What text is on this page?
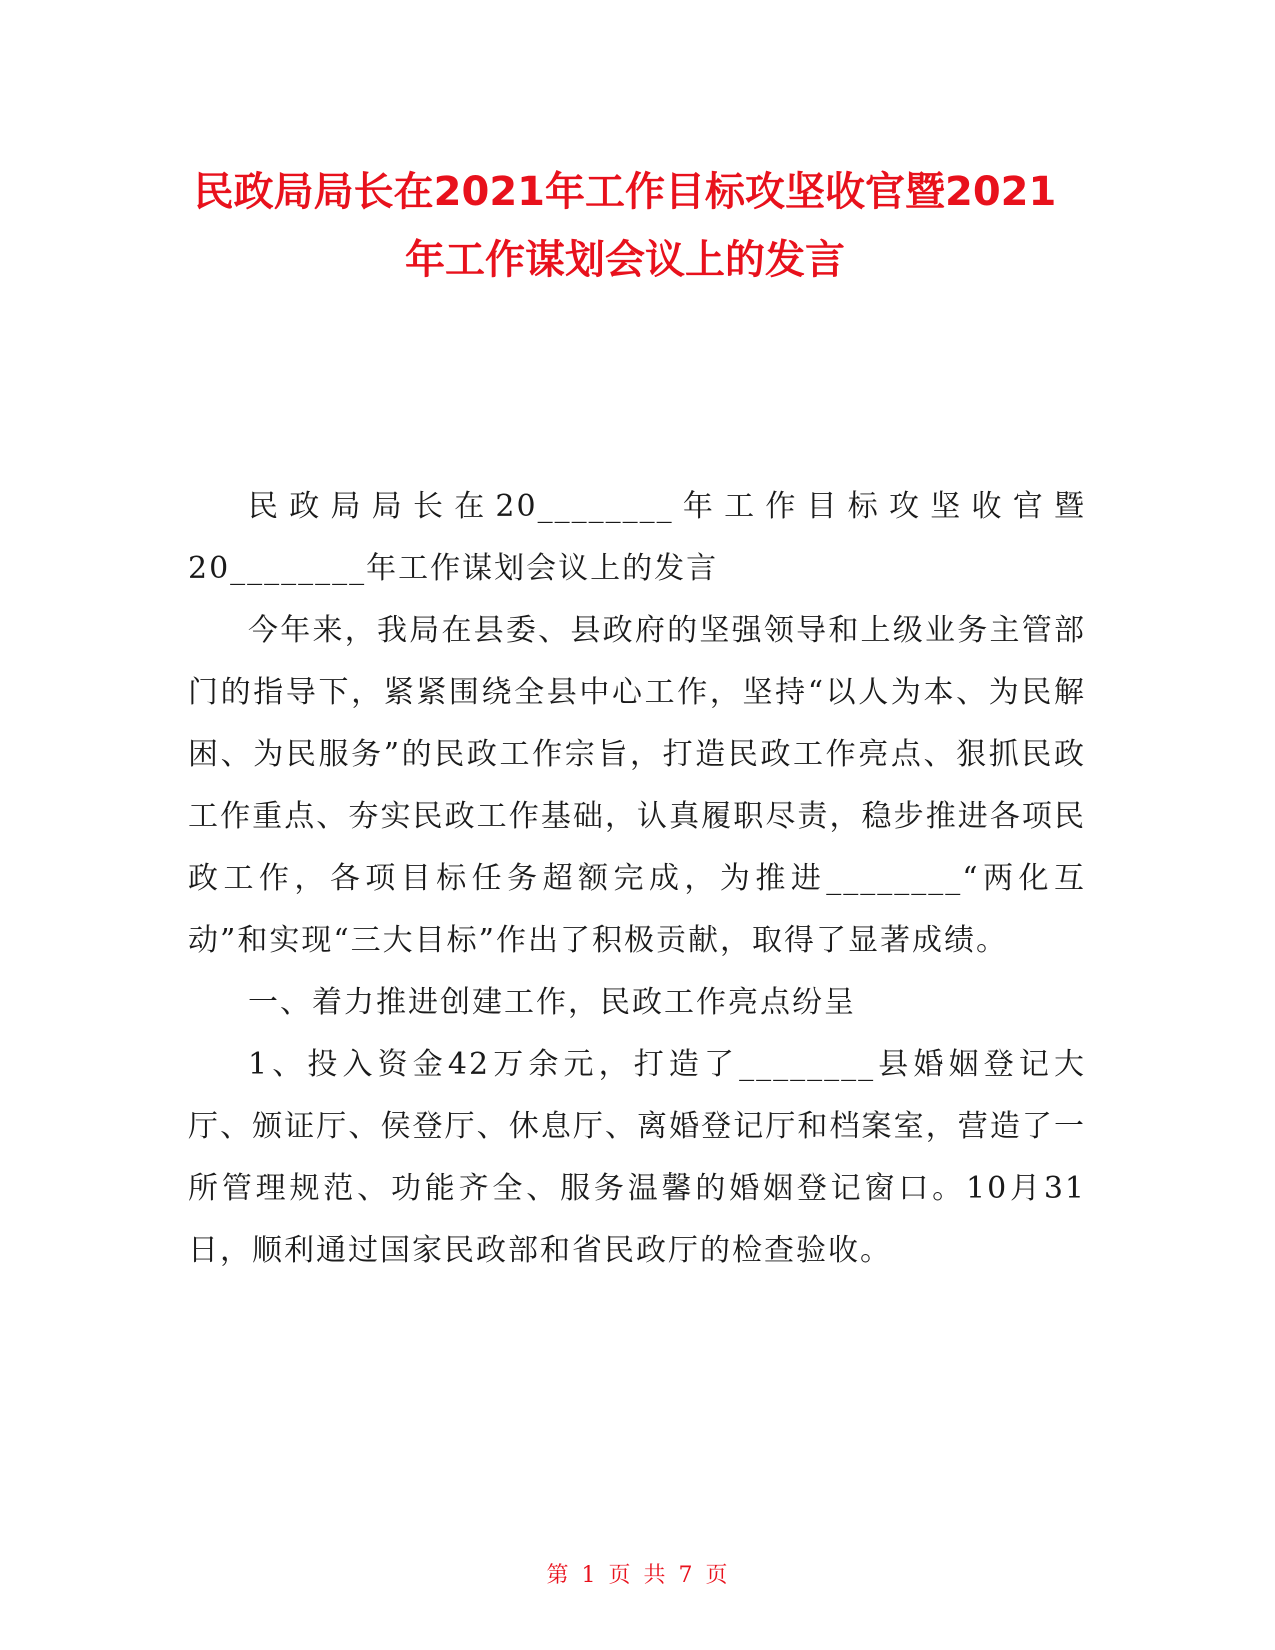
民政局局长在2021年工作目标攻坚收官暨2021年工作谋划会议上的发言

民政局局长在20________年工作目标攻坚收官暨20________年工作谋划会议上的发言

今年来，我局在县委、县政府的坚强领导和上级业务主管部门的指导下，紧紧围绕全县中心工作，坚持“以人为本、为民解困、为民服务”的民政工作宗旨，打造民政工作亮点、狠抓民政工作重点、夯实民政工作基础，认真履职尽责，稳步推进各项民政工作，各项目标任务超额完成，为推进________“两化互动”和实现“三大目标”作出了积极贡献，取得了显著成绩。

一、着力推进创建工作，民政工作亮点纷呈

1、投入资金42万余元，打造了________县婚姻登记大厅、颁证厅、侯登厅、休息厅、离婚登记厅和档案室，营造了一所管理规范、功能齐全、服务温馨的婚姻登记窗口。10月31日，顺利通过国家民政部和省民政厅的检查验收。

第 1 页 共 7 页
